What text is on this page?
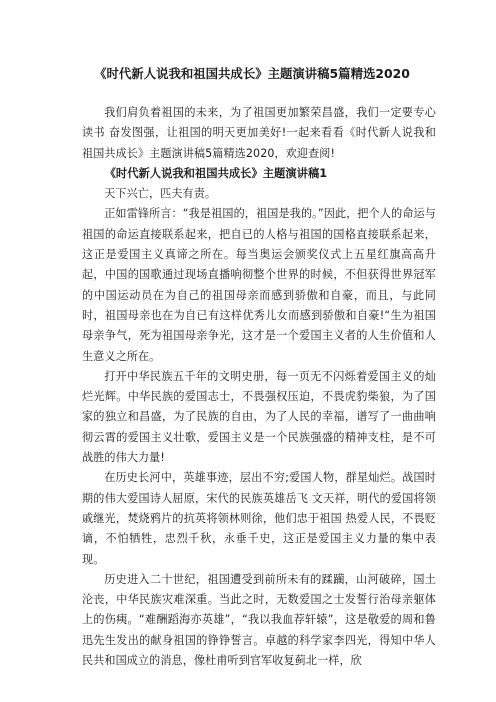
《时代新人说我和祖国共成长》主题演讲稿5篇精选2020

我们肩负着祖国的未来，为了祖国更加繁荣昌盛，我们一定要专心读书 奋发图强，让祖国的明天更加美好!一起来看看《时代新人说我和祖国共成长》主题演讲稿5篇精选2020，欢迎查阅!

《时代新人说我和祖国共成长》主题演讲稿1

天下兴亡，匹夫有责。

正如雷锋所言：“我是祖国的，祖国是我的。”因此，把个人的命运与祖国的命运直接联系起来，把自已的人格与祖国的国格直接联系起来，这正是爱国主义真谛之所在。每当奥运会颁奖仪式上五星红旗高高升起，中国的国歌通过现场直播响彻整个世界的时候，不但获得世界冠军的中国运动员在为自己的祖国母亲而感到骄傲和自豪，而且，与此同时，祖国母亲也在为自已有这样优秀儿女而感到骄傲和自豪!“生为祖国母亲争气，死为祖国母亲争光，这才是一个爱国主义者的人生价值和人生意义之所在。

打开中华民族五千年的文明史册，每一页无不闪烁着爱国主义的灿烂光辉。中华民族的爱国志士，不畏强权压迫，不畏虎豹柴狼，为了国家的独立和昌盛，为了民族的自由，为了人民的幸福，谱写了一曲曲响彻云霄的爱国主义壮歌，爱国主义是一个民族强盛的精神支柱，是不可战胜的伟大力量!

在历史长河中，英雄事迹，层出不穷;爱国人物，群星灿烂。战国时期的伟大爱国诗人屈原，宋代的民族英雄岳飞 文天祥，明代的爱国将领戚继光，焚烧鸦片的抗英将领林则徐，他们忠于祖国 热爱人民，不畏贬谪，不怕牺牲，忠烈千秋，永垂千史，这正是爱国主义力量的集中表现。

历史进入二十世纪，祖国遭受到前所未有的蹂躏，山河破碎，国土沦丧，中华民族灾难深重。当此之时，无数爱国之士发誓行治母亲躯体上的伤痍。“难酬蹈海亦英雄”，“我以我血荐轩辕”，这是敬爱的周和鲁迅先生发出的献身祖国的铮铮誓言。卓越的科学家李四光，得知中华人民共和国成立的消息，像杜甫听到官军收复蓟北一样，欣
